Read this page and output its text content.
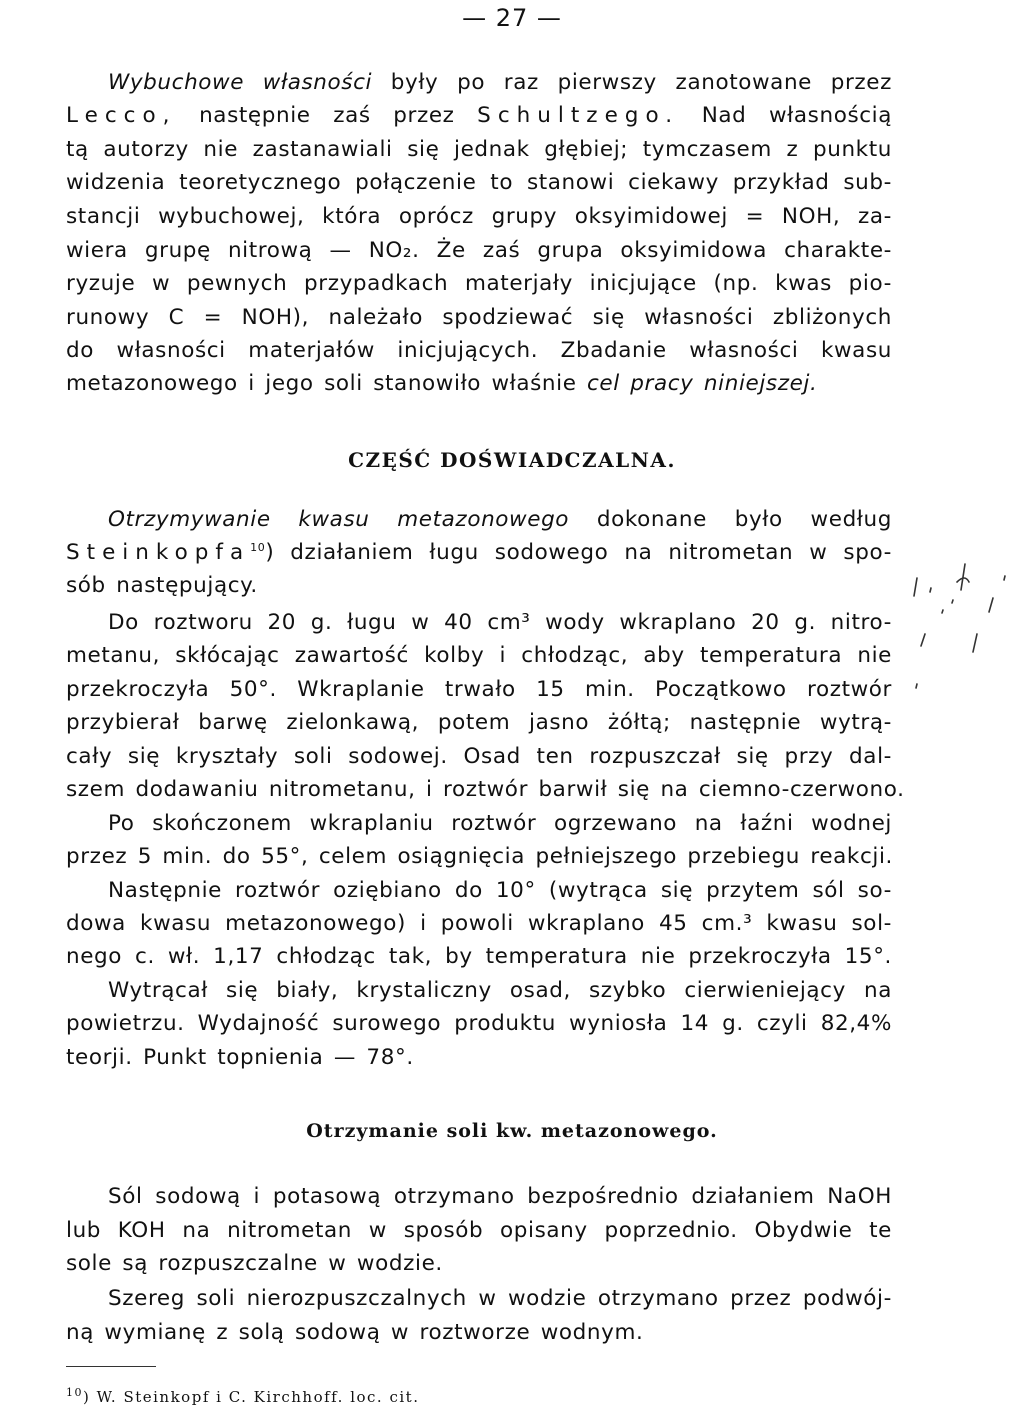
— 27 —

Wybuchowe własności były po raz pierwszy zanotowane przez

Lecco, następnie zaś przez Schultzego. Nad własnością

tą autorzy nie zastanawiali się jednak głębiej; tymczasem z punktu

widzenia teoretycznego połączenie to stanowi ciekawy przykład sub-

stancji wybuchowej, która oprócz grupy oksyimidowej = NOH, za-

wiera grupę nitrową — NO₂. Że zaś grupa oksyimidowa charakte-

ryzuje w pewnych przypadkach materjały inicjujące (np. kwas pio-

runowy C = NOH), należało spodziewać się własności zbliżonych

do własności materjałów inicjujących. Zbadanie własności kwasu

metazonowego i jego soli stanowiło właśnie cel pracy niniejszej.

CZĘŚĆ DOŚWIADCZALNA.

Otrzymywanie kwasu metazonowego dokonane było według

Steinkopfa$^{10}$) działaniem ługu sodowego na nitrometan w spo-

sób następujący.

Do roztworu 20 g. ługu w 40 cm³ wody wkraplano 20 g. nitro-

metanu, skłócając zawartość kolby i chłodząc, aby temperatura nie

przekroczyła 50°. Wkraplanie trwało 15 min. Początkowo roztwór

przybierał barwę zielonkawą, potem jasno żółtą; następnie wytrą-

cały się kryształy soli sodowej. Osad ten rozpuszczał się przy dal-

szem dodawaniu nitrometanu, i roztwór barwił się na ciemno-czerwono.

Po skończonem wkraplaniu roztwór ogrzewano na łaźni wodnej

przez 5 min. do 55°, celem osiągnięcia pełniejszego przebiegu reakcji.

Następnie roztwór oziębiano do 10° (wytrąca się przytem sól so-

dowa kwasu metazonowego) i powoli wkraplano 45 cm.³ kwasu sol-

nego c. wł. 1,17 chłodząc tak, by temperatura nie przekroczyła 15°.

Wytrącał się biały, krystaliczny osad, szybko cierwieniejący na

powietrzu. Wydajność surowego produktu wyniosła 14 g. czyli 82,4%

teorji. Punkt topnienia — 78°.

Otrzymanie soli kw. metazonowego.

Sól sodową i potasową otrzymano bezpośrednio działaniem NaOH

lub KOH na nitrometan w sposób opisany poprzednio. Obydwie te

sole są rozpuszczalne w wodzie.

Szereg soli nierozpuszczalnych w wodzie otrzymano przez podwój-

ną wymianę z solą sodową w roztworze wodnym.

$^{10}$) W. Steinkopf i C. Kirchhoff. loc. cit.
